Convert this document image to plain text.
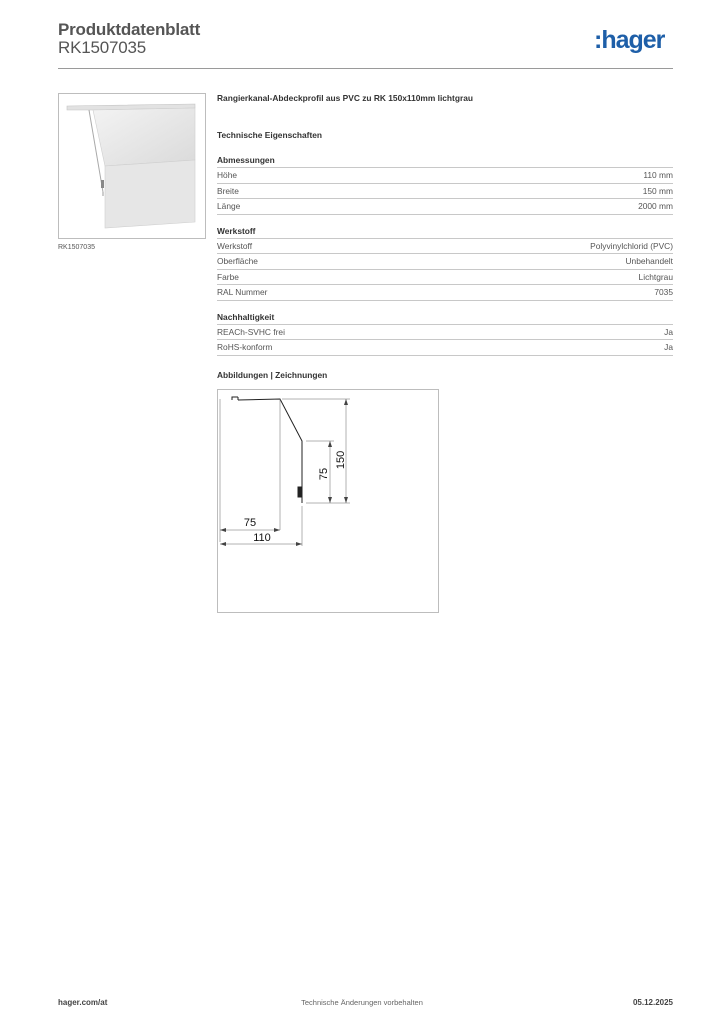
Produktdatenblatt
RK1507035	:hager
RK1507035
Rangierkanal-Abdeckprofil aus PVC zu RK 150x110mm lichtgrau
Technische Eigenschaften
Abmessungen
Höhe	110 mm
Breite	150 mm
Länge	2000 mm
Werkstoff
Werkstoff	Polyvinylchlorid (PVC)
Oberfläche	Unbehandelt
Farbe	Lichtgrau
RAL Nummer	7035
Nachhaltigkeit
REACh-SVHC frei	Ja
RoHS-konform	Ja
Abbildungen | Zeichnungen
150
75
75
110
hager.com/at	Technische Änderungen vorbehalten	05.12.2025
